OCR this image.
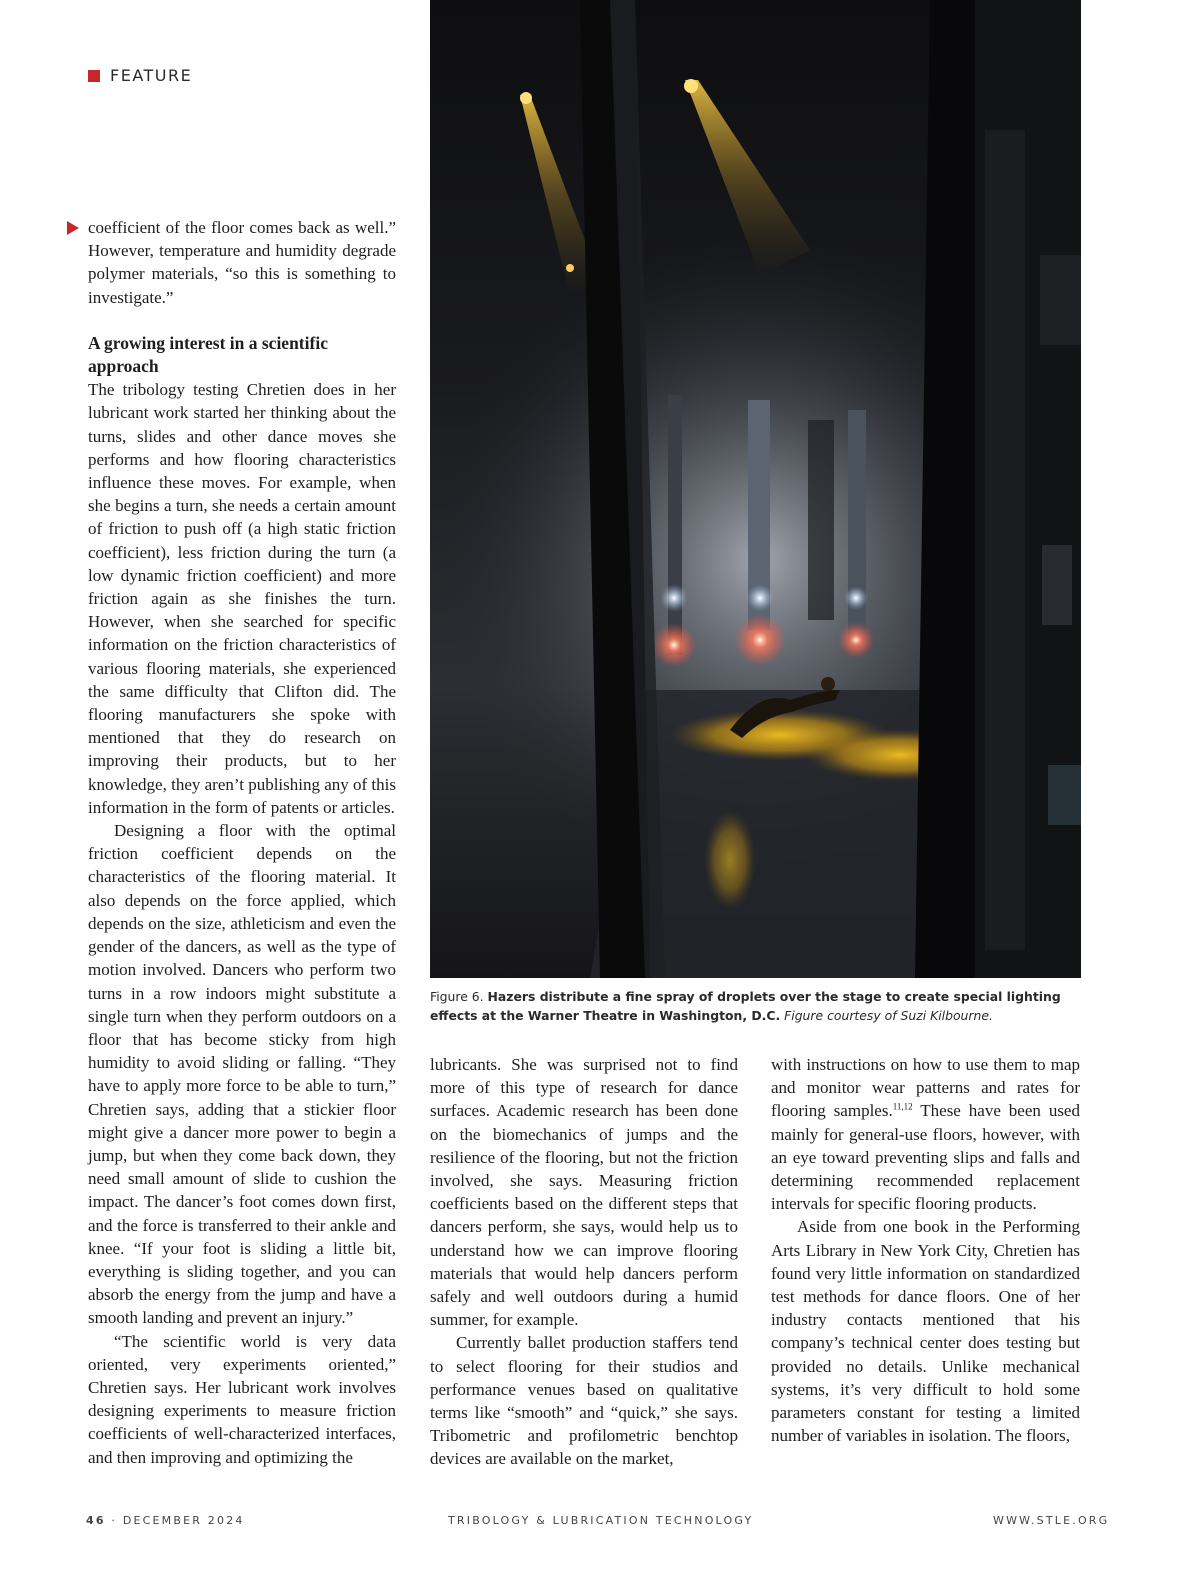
FEATURE
Figure 6. Hazers distribute a fine spray of droplets over the stage to create special lighting effects at the Warner Theatre in Washington, D.C. Figure courtesy of Suzi Kilbourne.

coefficient of the floor comes back as well.” However, temperature and humidity degrade polymer materials, “so this is something to investigate.”

A growing interest in a scientific approach

The tribology testing Chretien does in her lubricant work started her thinking about the turns, slides and other dance moves she performs and how flooring characteristics influence these moves. For example, when she begins a turn, she needs a certain amount of friction to push off (a high static friction coefficient), less friction during the turn (a low dynamic friction coefficient) and more friction again as she finishes the turn. However, when she searched for specific information on the friction characteristics of various flooring materials, she experienced the same difficulty that Clifton did. The flooring manufacturers she spoke with mentioned that they do research on improving their products, but to her knowledge, they aren’t publishing any of this information in the form of patents or articles.

Designing a floor with the optimal friction coefficient depends on the characteristics of the flooring material. It also depends on the force applied, which depends on the size, athleticism and even the gender of the dancers, as well as the type of motion involved. Dancers who perform two turns in a row indoors might substitute a single turn when they perform outdoors on a floor that has become sticky from high humidity to avoid sliding or falling. “They have to apply more force to be able to turn,” Chretien says, adding that a stickier floor might give a dancer more power to begin a jump, but when they come back down, they need small amount of slide to cushion the impact. The dancer’s foot comes down first, and the force is transferred to their ankle and knee. “If your foot is sliding a little bit, everything is sliding together, and you can absorb the energy from the jump and have a smooth landing and prevent an injury.”

“The scientific world is very data oriented, very experiments oriented,” Chretien says. Her lubricant work involves designing experiments to measure friction coefficients of well-characterized interfaces, and then improving and optimizing the

lubricants. She was surprised not to find more of this type of research for dance surfaces. Academic research has been done on the biomechanics of jumps and the resilience of the flooring, but not the friction involved, she says. Measuring friction coefficients based on the different steps that dancers perform, she says, would help us to understand how we can improve flooring materials that would help dancers perform safely and well outdoors during a humid summer, for example.

Currently ballet production staffers tend to select flooring for their studios and performance venues based on qualitative terms like “smooth” and “quick,” she says. Tribometric and profilometric benchtop devices are available on the market,

with instructions on how to use them to map and monitor wear patterns and rates for flooring samples.$^{11,12}$ These have been used mainly for general-use floors, however, with an eye toward preventing slips and falls and determining recommended replacement intervals for specific flooring products.

Aside from one book in the Performing Arts Library in New York City, Chretien has found very little information on standardized test methods for dance floors. One of her industry contacts mentioned that his company’s technical center does testing but provided no details. Unlike mechanical systems, it’s very difficult to hold some parameters constant for testing a limited number of variables in isolation. The floors,

46 · DECEMBER 2024	TRIBOLOGY & LUBRICATION TECHNOLOGY	WWW.STLE.ORG
